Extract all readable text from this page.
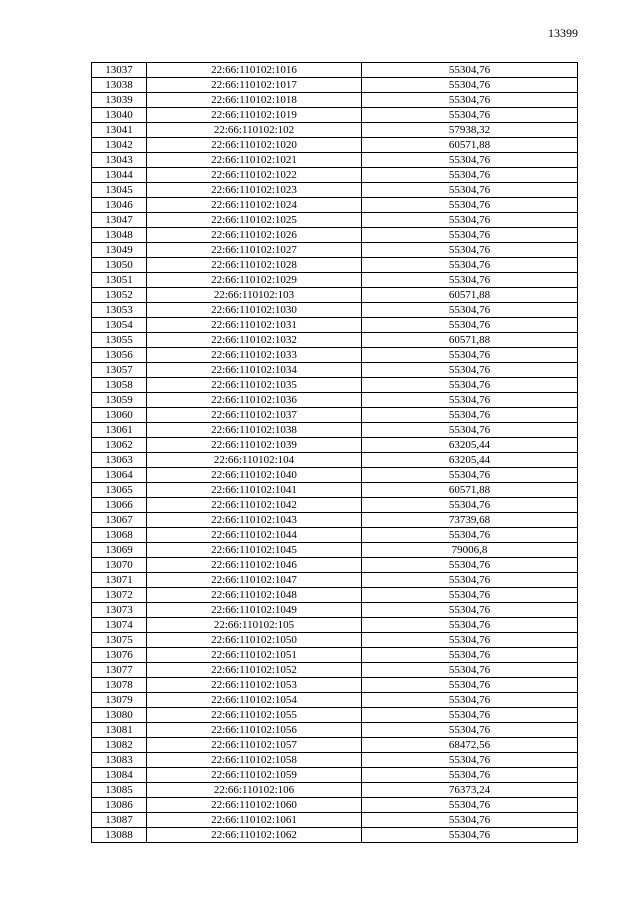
13399
13037	22:66:110102:1016	55304,76
13038	22:66:110102:1017	55304,76
13039	22:66:110102:1018	55304,76
13040	22:66:110102:1019	55304,76
13041	22:66:110102:102	57938,32
13042	22:66:110102:1020	60571,88
13043	22:66:110102:1021	55304,76
13044	22:66:110102:1022	55304,76
13045	22:66:110102:1023	55304,76
13046	22:66:110102:1024	55304,76
13047	22:66:110102:1025	55304,76
13048	22:66:110102:1026	55304,76
13049	22:66:110102:1027	55304,76
13050	22:66:110102:1028	55304,76
13051	22:66:110102:1029	55304,76
13052	22:66:110102:103	60571,88
13053	22:66:110102:1030	55304,76
13054	22:66:110102:1031	55304,76
13055	22:66:110102:1032	60571,88
13056	22:66:110102:1033	55304,76
13057	22:66:110102:1034	55304,76
13058	22:66:110102:1035	55304,76
13059	22:66:110102:1036	55304,76
13060	22:66:110102:1037	55304,76
13061	22:66:110102:1038	55304,76
13062	22:66:110102:1039	63205,44
13063	22:66:110102:104	63205,44
13064	22:66:110102:1040	55304,76
13065	22:66:110102:1041	60571,88
13066	22:66:110102:1042	55304,76
13067	22:66:110102:1043	73739,68
13068	22:66:110102:1044	55304,76
13069	22:66:110102:1045	79006,8
13070	22:66:110102:1046	55304,76
13071	22:66:110102:1047	55304,76
13072	22:66:110102:1048	55304,76
13073	22:66:110102:1049	55304,76
13074	22:66:110102:105	55304,76
13075	22:66:110102:1050	55304,76
13076	22:66:110102:1051	55304,76
13077	22:66:110102:1052	55304,76
13078	22:66:110102:1053	55304,76
13079	22:66:110102:1054	55304,76
13080	22:66:110102:1055	55304,76
13081	22:66:110102:1056	55304,76
13082	22:66:110102:1057	68472,56
13083	22:66:110102:1058	55304,76
13084	22:66:110102:1059	55304,76
13085	22:66:110102:106	76373,24
13086	22:66:110102:1060	55304,76
13087	22:66:110102:1061	55304,76
13088	22:66:110102:1062	55304,76
